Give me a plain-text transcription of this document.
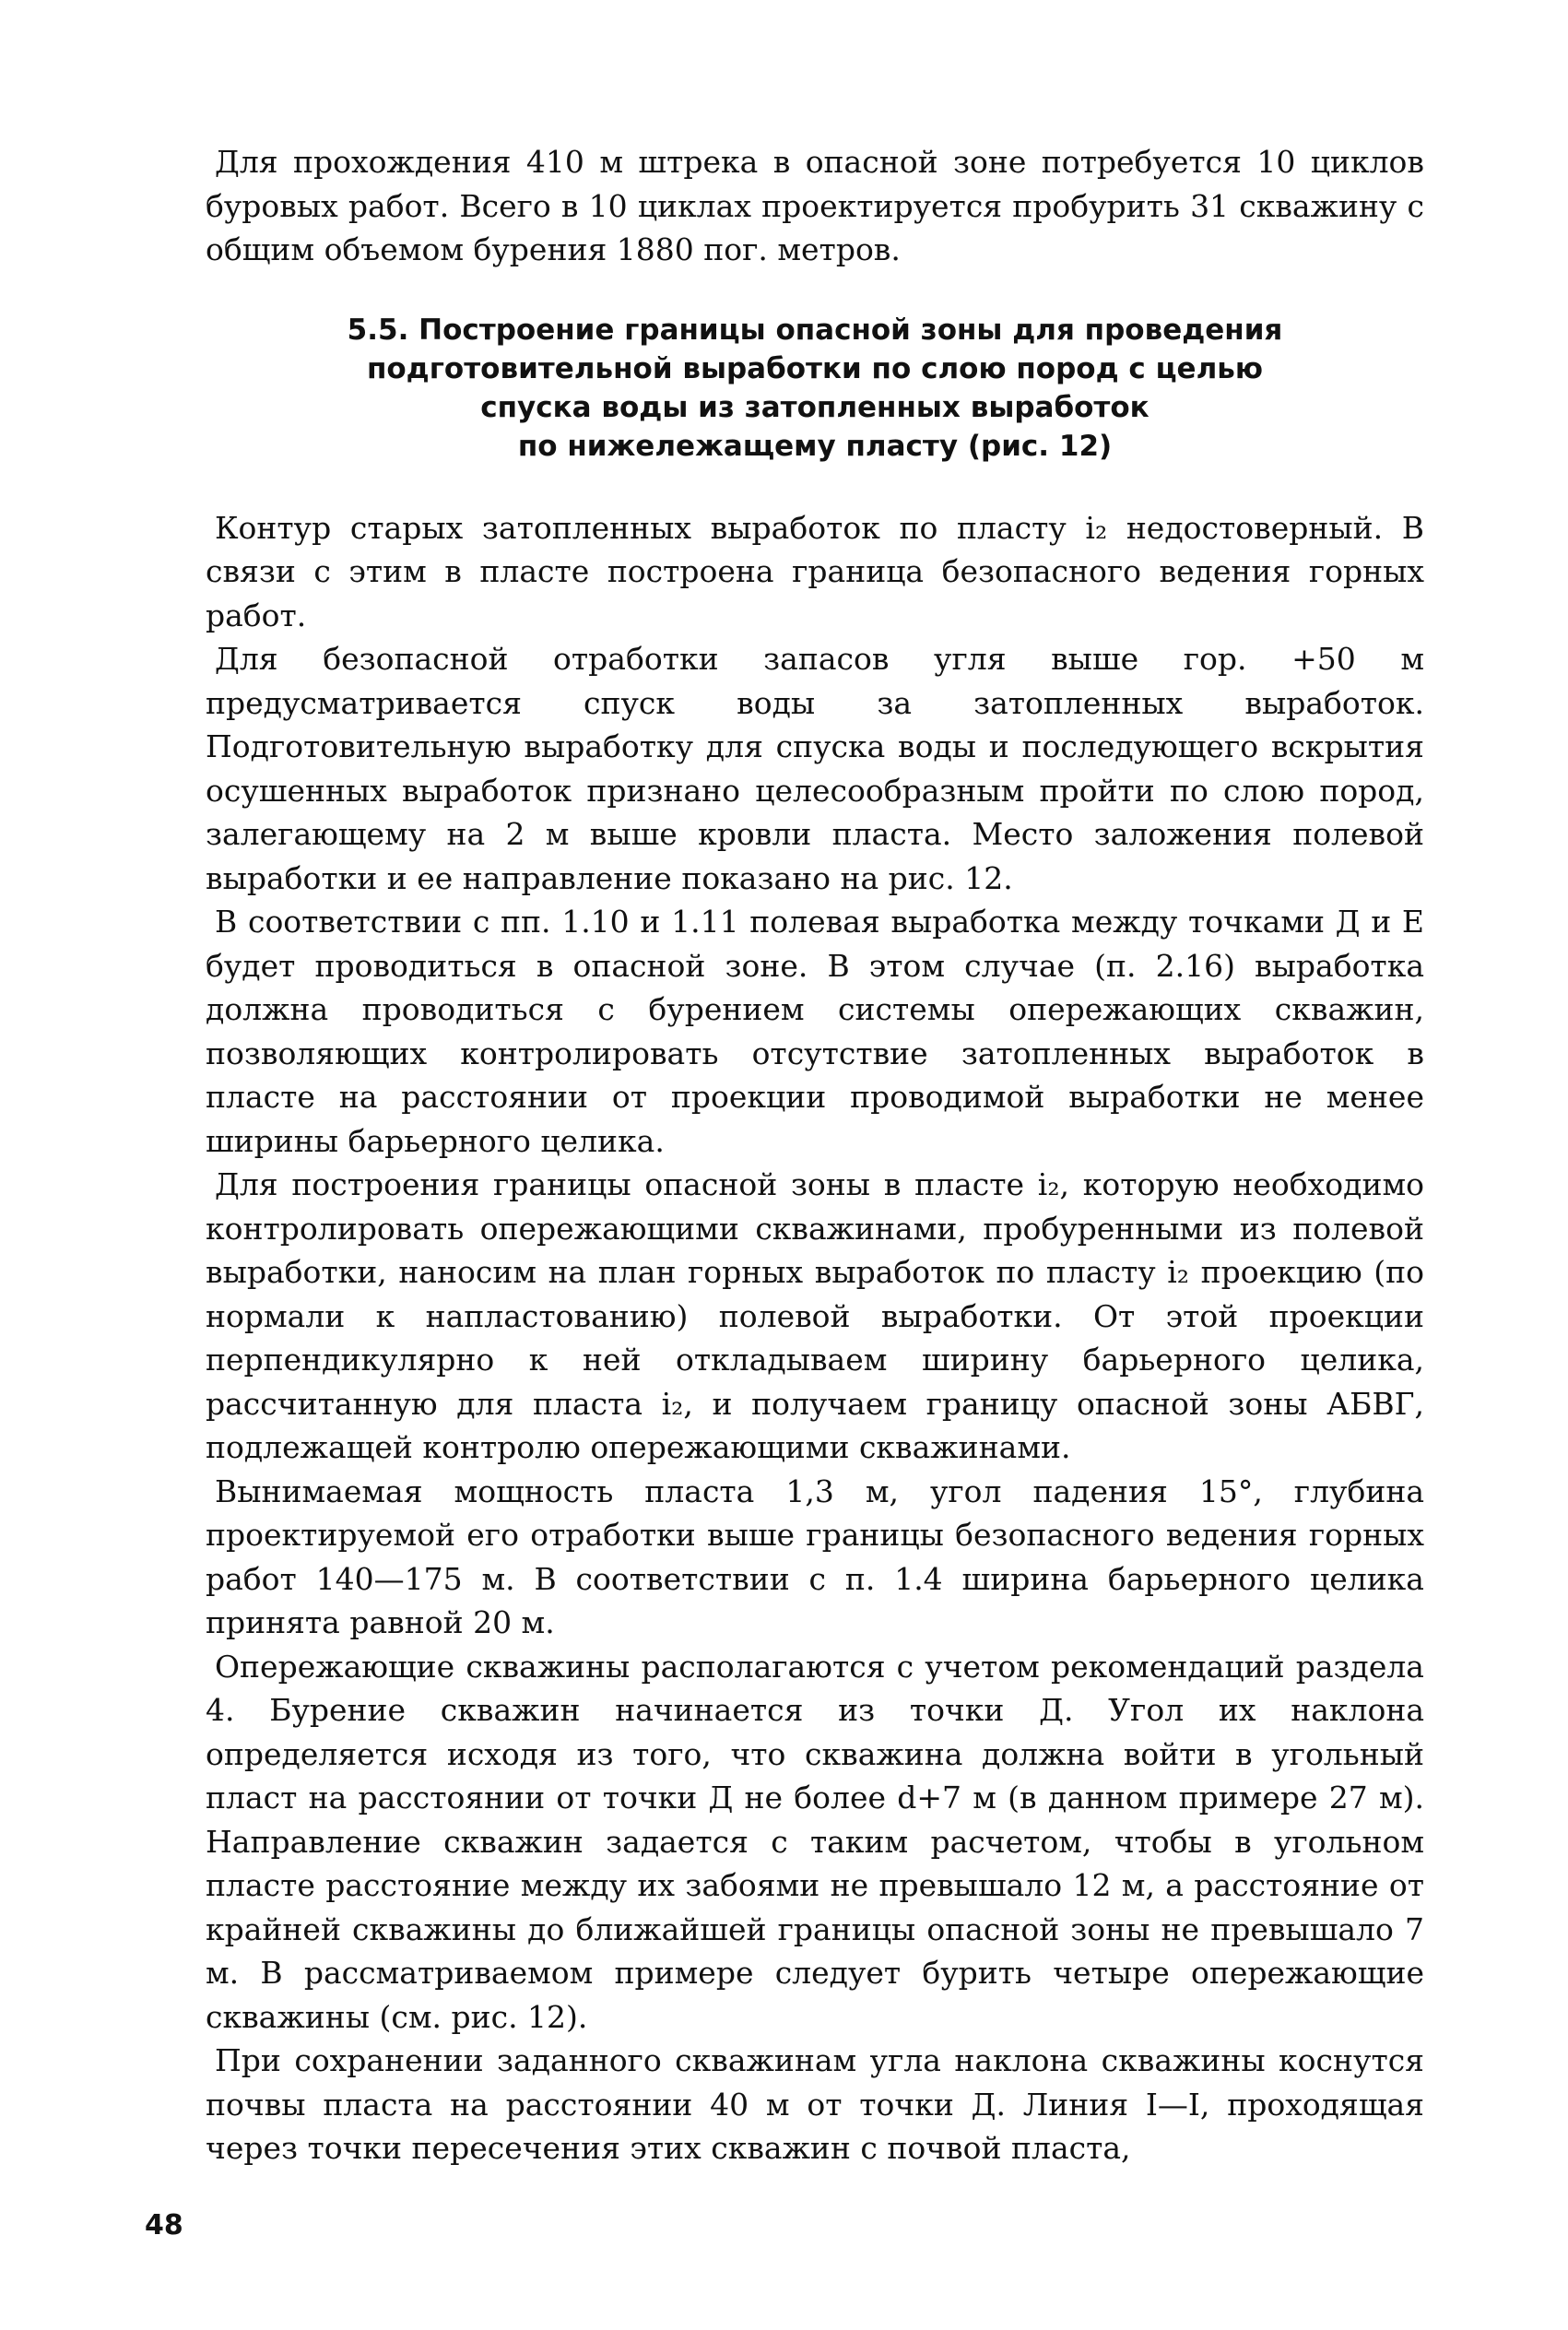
Для прохождения 410 м штрека в опасной зоне потребуется 10 циклов буровых работ. Всего в 10 циклах проектируется пробурить 31 скважину с общим объемом бурения 1880 пог. метров.

5.5. Построение границы опасной зоны для проведения
подготовительной выработки по слою пород с целью
спуска воды из затопленных выработок
по нижележащему пласту (рис. 12)

Контур старых затопленных выработок по пласту i₂ недостоверный. В связи с этим в пласте построена граница безопасного ведения горных работ.

Для безопасной отработки запасов угля выше гор. +50 м предусматривается спуск воды за затопленных выработок. Подготовительную выработку для спуска воды и последующего вскрытия осушенных выработок признано целесообразным пройти по слою пород, залегающему на 2 м выше кровли пласта. Место заложения полевой выработки и ее направление показано на рис. 12.

В соответствии с пп. 1.10 и 1.11 полевая выработка между точками Д и Е будет проводиться в опасной зоне. В этом случае (п. 2.16) выработка должна проводиться с бурением системы опережающих скважин, позволяющих контролировать отсутствие затопленных выработок в пласте на расстоянии от проекции проводимой выработки не менее ширины барьерного целика.

Для построения границы опасной зоны в пласте i₂, которую необходимо контролировать опережающими скважинами, пробуренными из полевой выработки, наносим на план горных выработок по пласту i₂ проекцию (по нормали к напластованию) полевой выработки. От этой проекции перпендикулярно к ней откладываем ширину барьерного целика, рассчитанную для пласта i₂, и получаем границу опасной зоны АБВГ, подлежащей контролю опережающими скважинами.

Вынимаемая мощность пласта 1,3 м, угол падения 15°, глубина проектируемой его отработки выше границы безопасного ведения горных работ 140—175 м. В соответствии с п. 1.4 ширина барьерного целика принята равной 20 м.

Опережающие скважины располагаются с учетом рекомендаций раздела 4. Бурение скважин начинается из точки Д. Угол их наклона определяется исходя из того, что скважина должна войти в угольный пласт на расстоянии от точки Д не более d+7 м (в данном примере 27 м). Направление скважин задается с таким расчетом, чтобы в угольном пласте расстояние между их забоями не превышало 12 м, а расстояние от крайней скважины до ближайшей границы опасной зоны не превышало 7 м. В рассматриваемом примере следует бурить четыре опережающие скважины (см. рис. 12).

При сохранении заданного скважинам угла наклона скважины коснутся почвы пласта на расстоянии 40 м от точки Д. Линия I—I, проходящая через точки пересечения этих скважин с почвой пласта,

48
